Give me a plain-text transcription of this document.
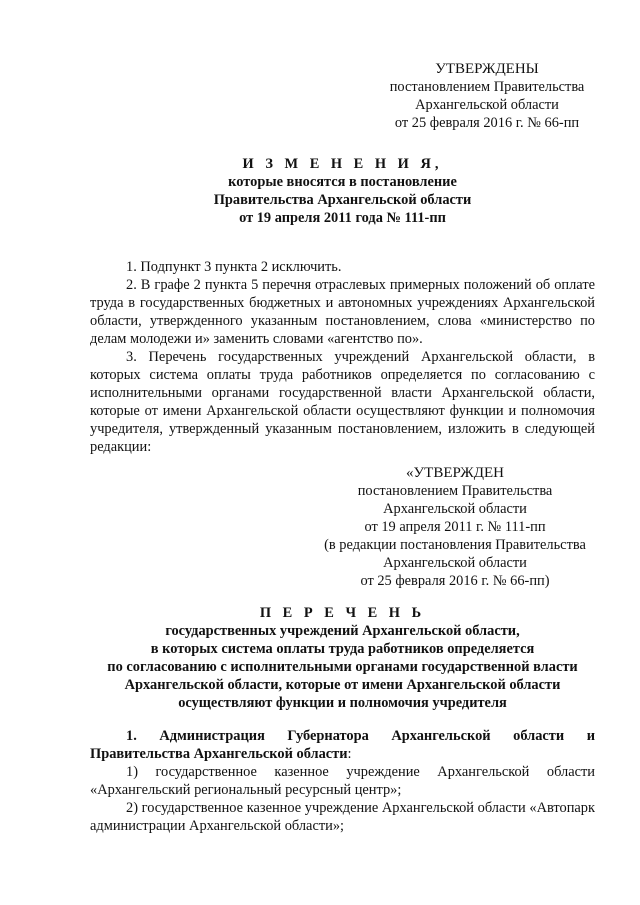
УТВЕРЖДЕНЫ
постановлением Правительства
Архангельской области
от 25 февраля 2016 г. № 66-пп
И З М Е Н Е Н И Я,
которые вносятся в постановление
Правительства Архангельской области
от 19 апреля 2011 года № 111-пп

1. Подпункт 3 пункта 2 исключить.

2. В графе 2 пункта 5 перечня отраслевых примерных положений об оплате труда в государственных бюджетных и автономных учреждениях Архангельской области, утвержденного указанным постановлением, слова «министерство по делам молодежи и» заменить словами «агентство по».

3. Перечень государственных учреждений Архангельской области, в которых система оплаты труда работников определяется по согласованию с исполнительными органами государственной власти Архангельской области, которые от имени Архангельской области осуществляют функции и полномочия учредителя, утвержденный указанным постановлением, изложить в следующей редакции:

«УТВЕРЖДЕН
постановлением Правительства
Архангельской области
от 19 апреля 2011 г. № 111-пп
(в редакции постановления Правительства
Архангельской области
от 25 февраля 2016 г. № 66-пп)
П Е Р Е Ч Е Н Ь
государственных учреждений Архангельской области,
в которых система оплаты труда работников определяется
по согласованию с исполнительными органами государственной власти
Архангельской области, которые от имени Архангельской области
осуществляют функции и полномочия учредителя

1. Администрация Губернатора Архангельской области и Правительства Архангельской области:

1) государственное казенное учреждение Архангельской области «Архангельский региональный ресурсный центр»;

2) государственное казенное учреждение Архангельской области «Автопарк администрации Архангельской области»;
